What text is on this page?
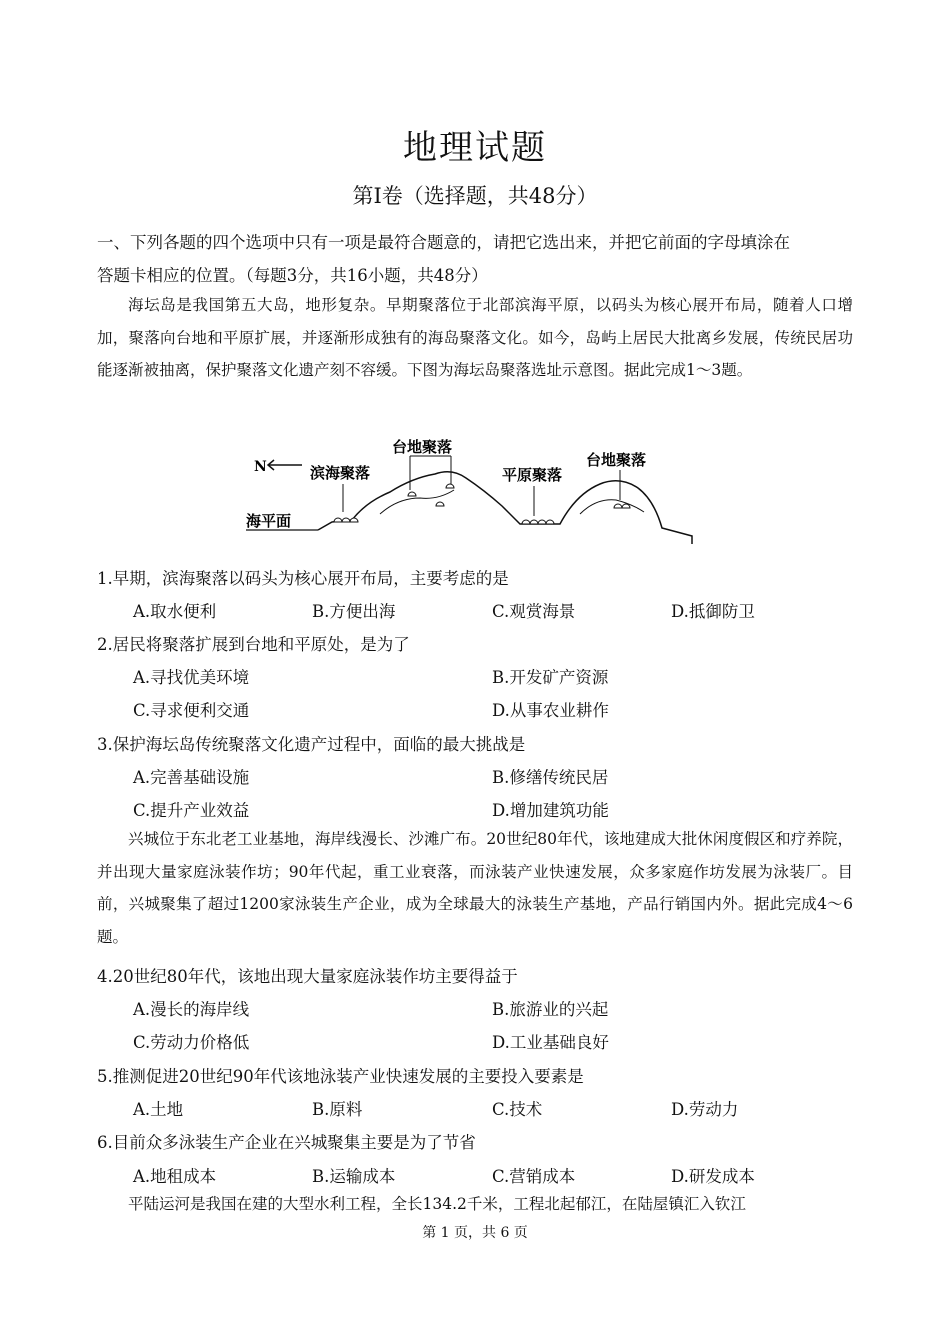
地理试题
第Ⅰ卷（选择题，共48分）
一、下列各题的四个选项中只有一项是最符合题意的，请把它选出来，并把它前面的字母填涂在
答题卡相应的位置。（每题3分，共16小题，共48分）
海坛岛是我国第五大岛，地形复杂。早期聚落位于北部滨海平原，以码头为核心展开布局，随着人口增加，聚落向台地和平原扩展，并逐渐形成独有的海岛聚落文化。如今，岛屿上居民大批离乡发展，传统民居功能逐渐被抽离，保护聚落文化遗产刻不容缓。下图为海坛岛聚落选址示意图。据此完成1～3题。
N	滨海聚落
台地聚落
平原聚落
台地聚落
海平面
1.早期，滨海聚落以码头为核心展开布局，主要考虑的是
A.取水便利	B.方便出海	C.观赏海景	D.抵御防卫
2.居民将聚落扩展到台地和平原处，是为了
A.寻找优美环境	B.开发矿产资源
C.寻求便利交通	D.从事农业耕作
3.保护海坛岛传统聚落文化遗产过程中，面临的最大挑战是
A.完善基础设施	B.修缮传统民居
C.提升产业效益	D.增加建筑功能
兴城位于东北老工业基地，海岸线漫长、沙滩广布。20世纪80年代，该地建成大批休闲度假区和疗养院，并出现大量家庭泳装作坊；90年代起，重工业衰落，而泳装产业快速发展，众多家庭作坊发展为泳装厂。目前，兴城聚集了超过1200家泳装生产企业，成为全球最大的泳装生产基地，产品行销国内外。据此完成4～6题。
4.20世纪80年代，该地出现大量家庭泳装作坊主要得益于
A.漫长的海岸线	B.旅游业的兴起
C.劳动力价格低	D.工业基础良好
5.推测促进20世纪90年代该地泳装产业快速发展的主要投入要素是
A.土地	B.原料	C.技术	D.劳动力
6.目前众多泳装生产企业在兴城聚集主要是为了节省
A.地租成本	B.运输成本	C.营销成本	D.研发成本
平陆运河是我国在建的大型水利工程，全长134.2千米，工程北起郁江，在陆屋镇汇入钦江
第 1 页，共 6 页
